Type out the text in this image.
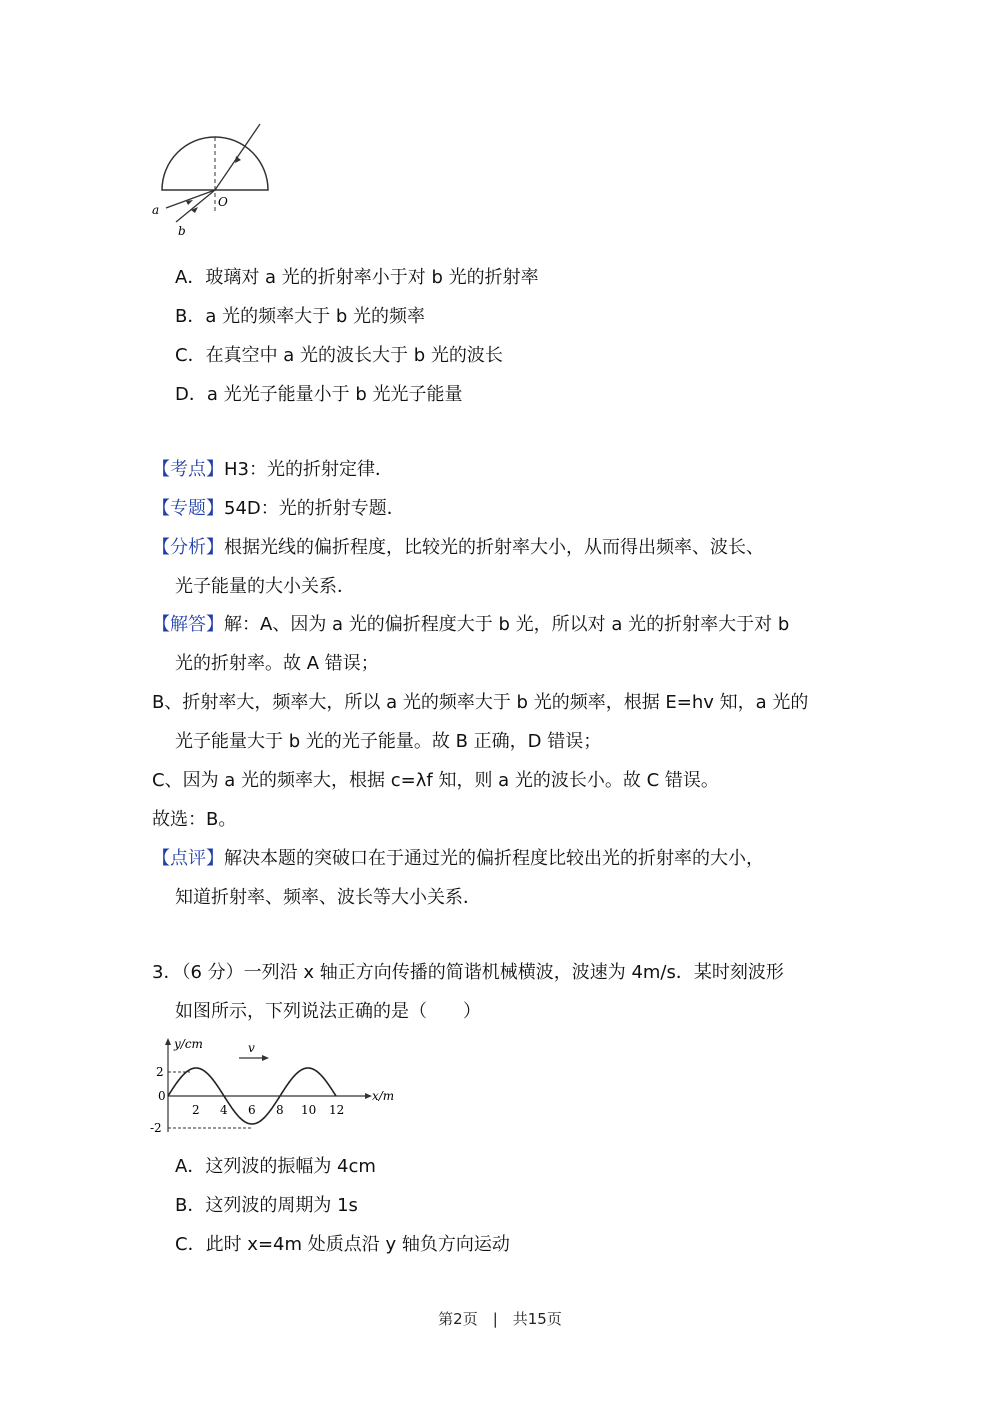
a
b
O
A．玻璃对 a 光的折射率小于对 b 光的折射率
B．a 光的频率大于 b 光的频率
C．在真空中 a 光的波长大于 b 光的波长
D．a 光光子能量小于 b 光光子能量
【考点】H3：光的折射定律．
【专题】54D：光的折射专题．
【分析】根据光线的偏折程度，比较光的折射率大小，从而得出频率、波长、
光子能量的大小关系．
【解答】解：A、因为 a 光的偏折程度大于 b 光，所以对 a 光的折射率大于对 b
光的折射率。故 A 错误；
B、折射率大，频率大，所以 a 光的频率大于 b 光的频率，根据 E=hv 知，a 光的
光子能量大于 b 光的光子能量。故 B 正确，D 错误；
C、因为 a 光的频率大，根据 c=λf 知，则 a 光的波长小。故 C 错误。
故选：B。
【点评】解决本题的突破口在于通过光的偏折程度比较出光的折射率的大小，
知道折射率、频率、波长等大小关系．
3．（6 分）一列沿 x 轴正方向传播的简谐机械横波，波速为 4m/s．某时刻波形
如图所示，下列说法正确的是（　　）
y/cm
x/m
2
-2
0
v
2 4 6 8 10 12
A．这列波的振幅为 4cm
B．这列波的周期为 1s
C．此时 x=4m 处质点沿 y 轴负方向运动
第2页　|　共15页
